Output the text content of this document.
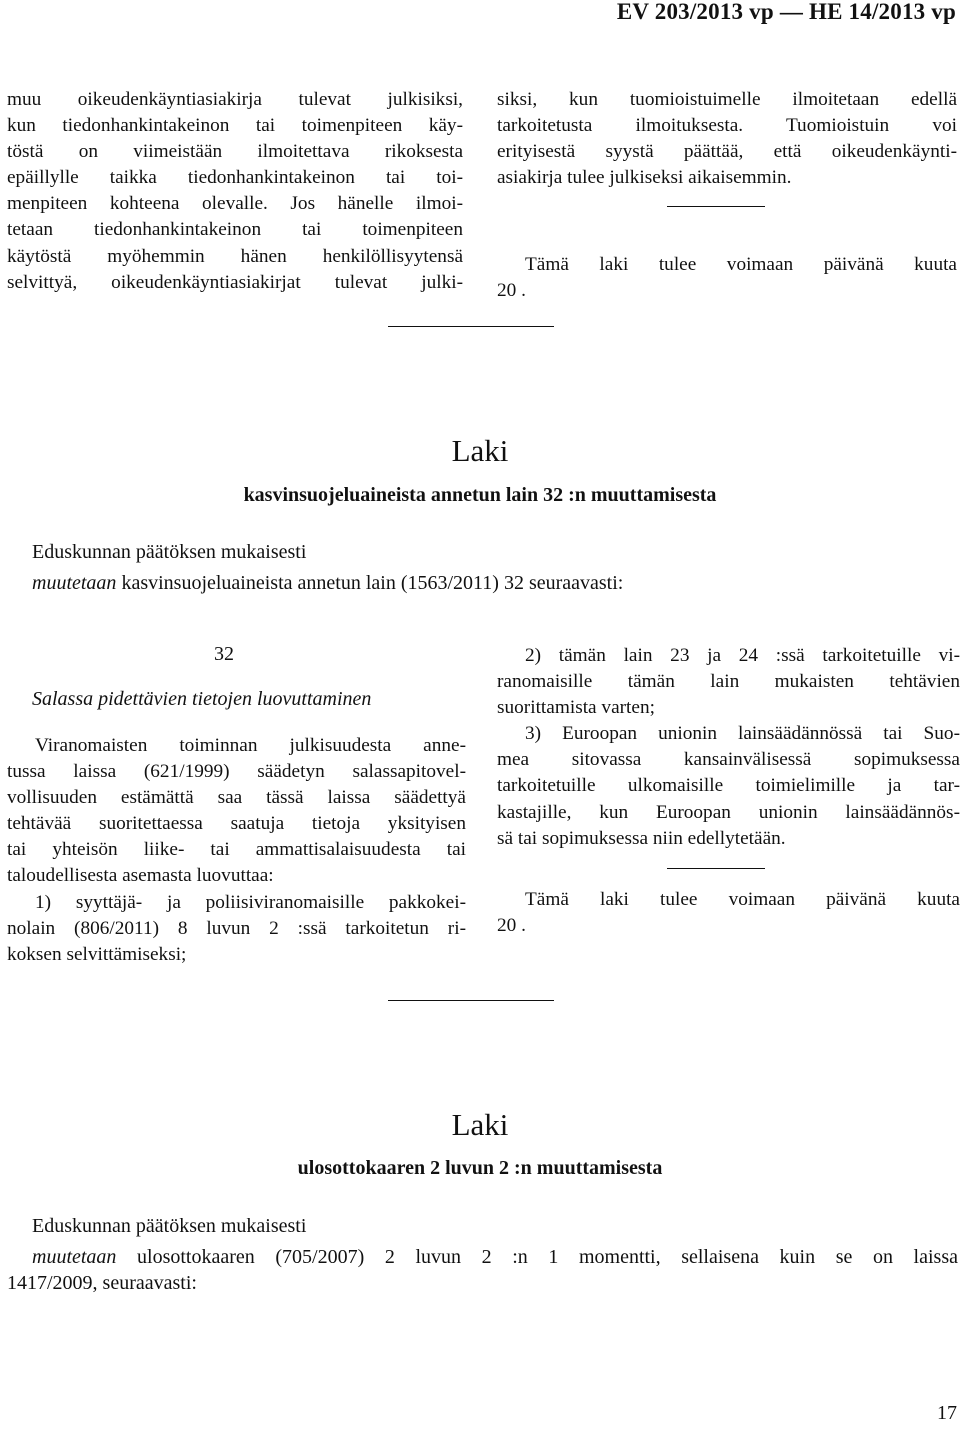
EV 203/2013 vp — HE 14/2013 vp
muu oikeudenkäyntiasiakirja tulevat julkisiksi,
kun tiedonhankintakeinon tai toimenpiteen käy-
töstä on viimeistään ilmoitettava rikoksesta
epäillylle taikka tiedonhankintakeinon tai toi-
menpiteen kohteena olevalle. Jos hänelle ilmoi-
tetaan tiedonhankintakeinon tai toimenpiteen
käytöstä myöhemmin hänen henkilöllisyytensä
selvittyä, oikeudenkäyntiasiakirjat tulevat julki-
siksi, kun tuomioistuimelle ilmoitetaan edellä
tarkoitetusta ilmoituksesta. Tuomioistuin voi
erityisestä syystä päättää, että oikeudenkäynti-
asiakirja tulee julkiseksi aikaisemmin.
Tämä laki tulee voimaan päivänä kuuta
20 .
Laki
kasvinsuojeluaineista annetun lain 32 :n muuttamisesta
Eduskunnan päätöksen mukaisesti
muutetaan kasvinsuojeluaineista annetun lain (1563/2011) 32 seuraavasti:
32
Salassa pidettävien tietojen luovuttaminen
Viranomaisten toiminnan julkisuudesta anne-
tussa laissa (621/1999) säädetyn salassapitovel-
vollisuuden estämättä saa tässä laissa säädettyä
tehtävää suoritettaessa saatuja tietoja yksityisen
tai yhteisön liike- tai ammattisalaisuudesta tai
taloudellisesta asemasta luovuttaa:
1) syyttäjä- ja poliisiviranomaisille pakkokei-
nolain (806/2011) 8 luvun 2 :ssä tarkoitetun ri-
koksen selvittämiseksi;
2) tämän lain 23 ja 24 :ssä tarkoitetuille vi-
ranomaisille tämän lain mukaisten tehtävien
suorittamista varten;
3) Euroopan unionin lainsäädännössä tai Suo-
mea sitovassa kansainvälisessä sopimuksessa
tarkoitetuille ulkomaisille toimielimille ja tar-
kastajille, kun Euroopan unionin lainsäädännös-
sä tai sopimuksessa niin edellytetään.
Tämä laki tulee voimaan päivänä kuuta
20 .
Laki
ulosottokaaren 2 luvun 2 :n muuttamisesta
Eduskunnan päätöksen mukaisesti
muutetaan ulosottokaaren (705/2007) 2 luvun 2 :n 1 momentti, sellaisena kuin se on laissa
1417/2009, seuraavasti:
17
